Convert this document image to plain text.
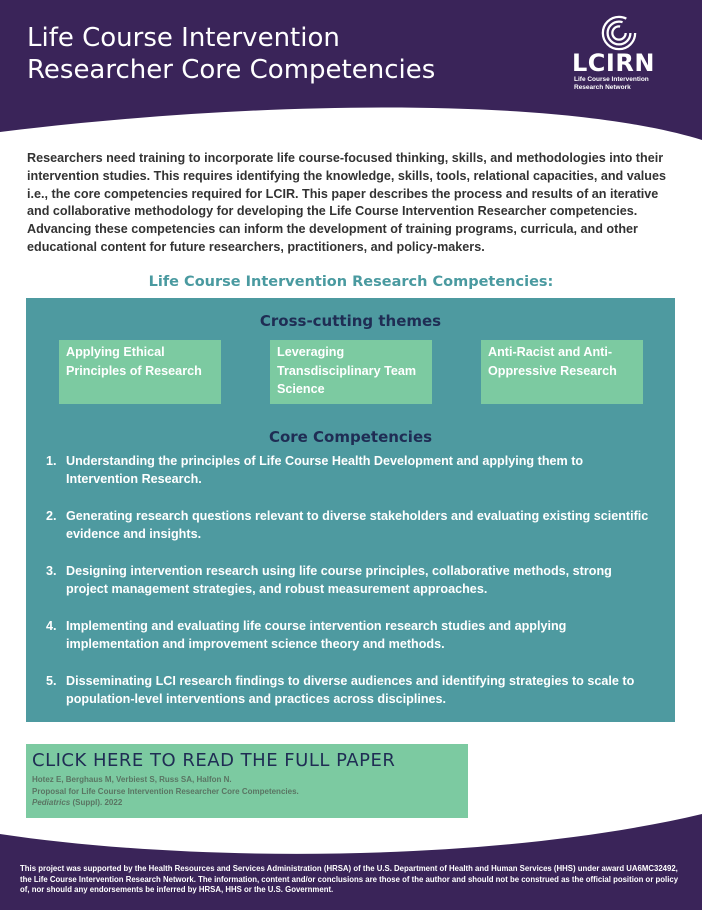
Life Course Intervention
Researcher Core Competencies	LCIRN
Life Course Intervention
Research Network

Researchers need training to incorporate life course-focused thinking, skills, and methodologies into their intervention studies. This requires identifying the knowledge, skills, tools, relational capacities, and values i.e., the core competencies required for LCIR. This paper describes the process and results of an iterative and collaborative methodology for developing the Life Course Intervention Researcher competencies. Advancing these competencies can inform the development of training programs, curricula, and other educational content for future researchers, practitioners, and policy-makers.

Life Course Intervention Research Competencies:
Cross-cutting themes
Applying Ethical Principles of Research
Leveraging Transdisciplinary Team Science
Anti-Racist and Anti-Oppressive Research
Core Competencies
1. Understanding the principles of Life Course Health Development and applying them to Intervention Research.
2. Generating research questions relevant to diverse stakeholders and evaluating existing scientific evidence and insights.
3. Designing intervention research using life course principles, collaborative methods, strong project management strategies, and robust measurement approaches.
4. Implementing and evaluating life course intervention research studies and applying implementation and improvement science theory and methods.
5. Disseminating LCI research findings to diverse audiences and identifying strategies to scale to population-level interventions and practices across disciplines.
CLICK HERE TO READ THE FULL PAPER
Hotez E, Berghaus M, Verbiest S, Russ SA, Halfon N.
Proposal for Life Course Intervention Researcher Core Competencies.
Pediatrics (Suppl). 2022

This project was supported by the Health Resources and Services Administration (HRSA) of the U.S. Department of Health and Human Services (HHS) under award UA6MC32492, the Life Course Intervention Research Network. The information, content and/or conclusions are those of the author and should not be construed as the official position or policy of, nor should any endorsements be inferred by HRSA, HHS or the U.S. Government.
